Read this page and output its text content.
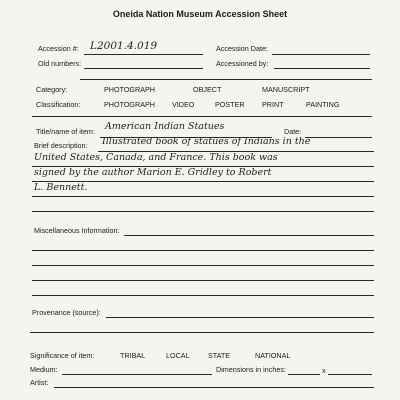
Oneida Nation Museum Accession Sheet
Accession #: L2001.4.019	Accession Date:
Old numbers:	Accessioned by:
Category:	PHOTOGRAPH	OBJECT	MANUSCRIPT
Classification:	PHOTOGRAPH VIDEO	POSTER PRINT	PAINTING
Title/name of item: American Indian Statues	Date:
Brief description: Illustrated book of statues of Indians in the
United States, Canada, and France. This book was
signed by the author Marion E. Gridley to Robert
L. Bennett.
Miscellaneous Information:
Provenance (source):
Significance of item:	TRIBAL	LOCAL	STATE	NATIONAL
Medium:	Dimensions in inches:	x
Artist:
